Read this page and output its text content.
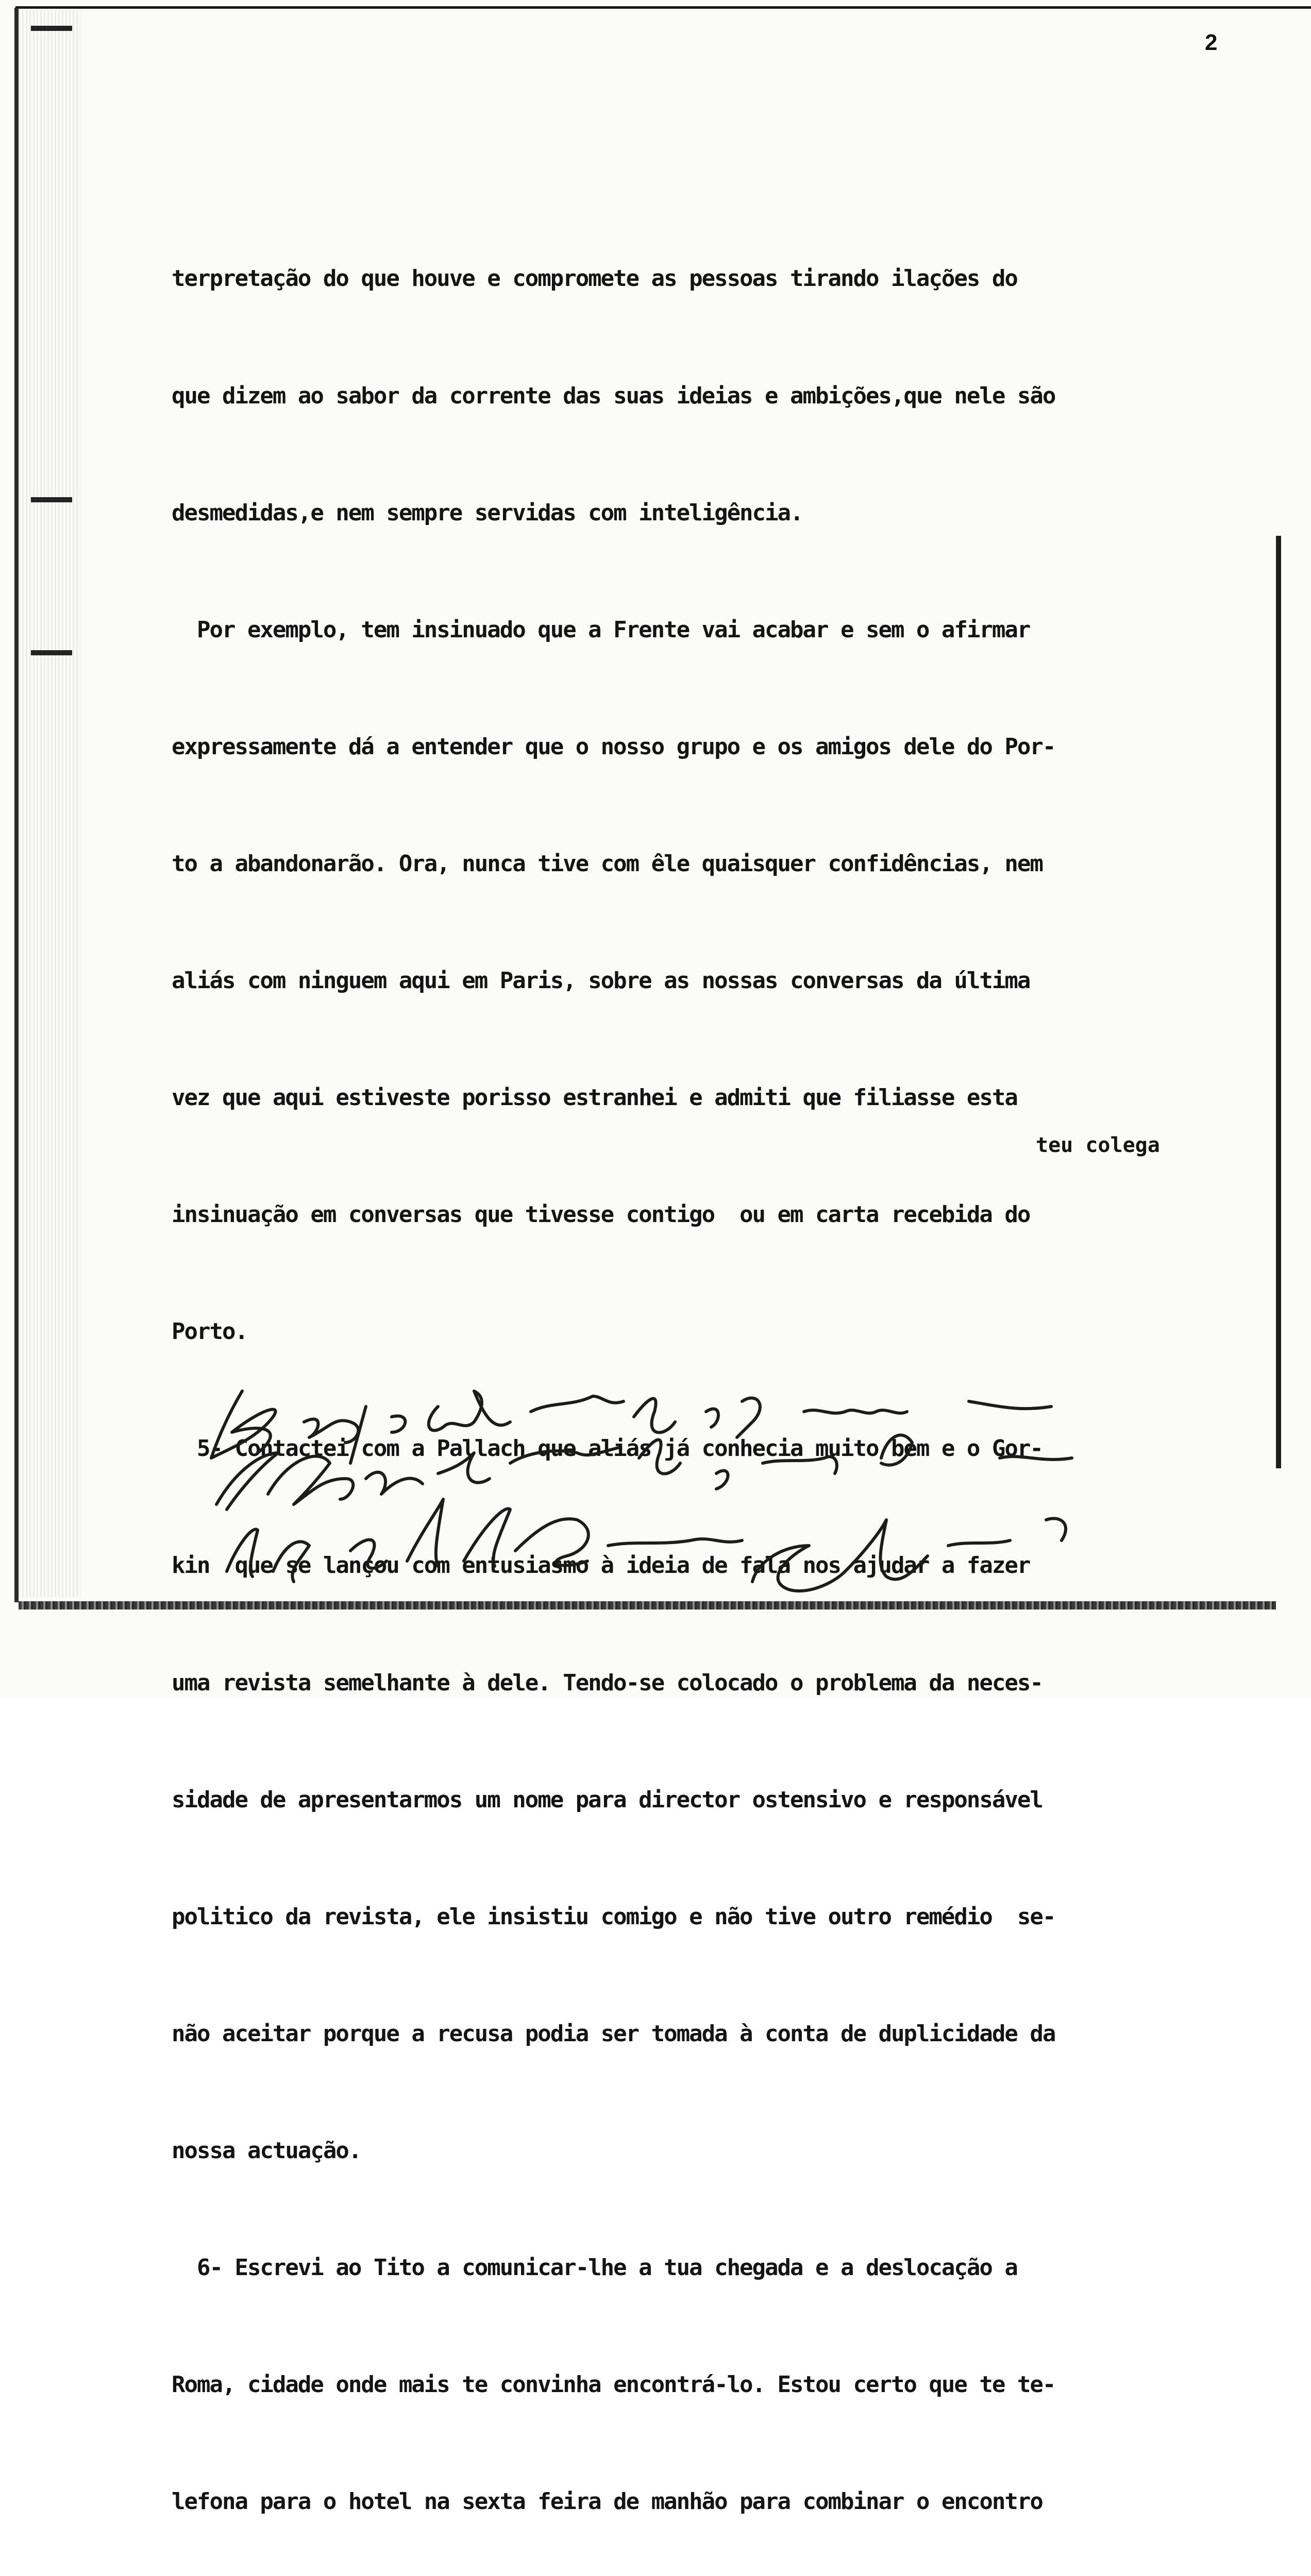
2

terpretação do que houve e compromete as pessoas tirando ilações do

que dizem ao sabor da corrente das suas ideias e ambições,que nele são

desmedidas,e nem sempre servidas com inteligência.

Por exemplo, tem insinuado que a Frente vai acabar e sem o afirmar

expressamente dá a entender que o nosso grupo e os amigos dele do Por-

to a abandonarão. Ora, nunca tive com êle quaisquer confidências, nem

aliás com ninguem aqui em Paris, sobre as nossas conversas da última

vez que aqui estiveste porisso estranhei e admiti que filiasse esta

insinuação em conversas que tivesse contigo  ou em carta recebida do

Porto.

5- Contactei com a Pallach que aliás já conhecia muito bem e o Gor-

kin  que se lançou com entusiasmo à ideia de fala nos ajudar a fazer

uma revista semelhante à dele. Tendo-se colocado o problema da neces-

sidade de apresentarmos um nome para director ostensivo e responsável

politico da revista, ele insistiu comigo e não tive outro remédio  se-

não aceitar porque a recusa podia ser tomada à conta de duplicidade da

nossa actuação.

6- Escrevi ao Tito a comunicar-lhe a tua chegada e a deslocação a

Roma, cidade onde mais te convinha encontrá-lo. Estou certo que te te-

lefona para o hotel na sexta feira de manhão para combinar o encontro

teu colega
